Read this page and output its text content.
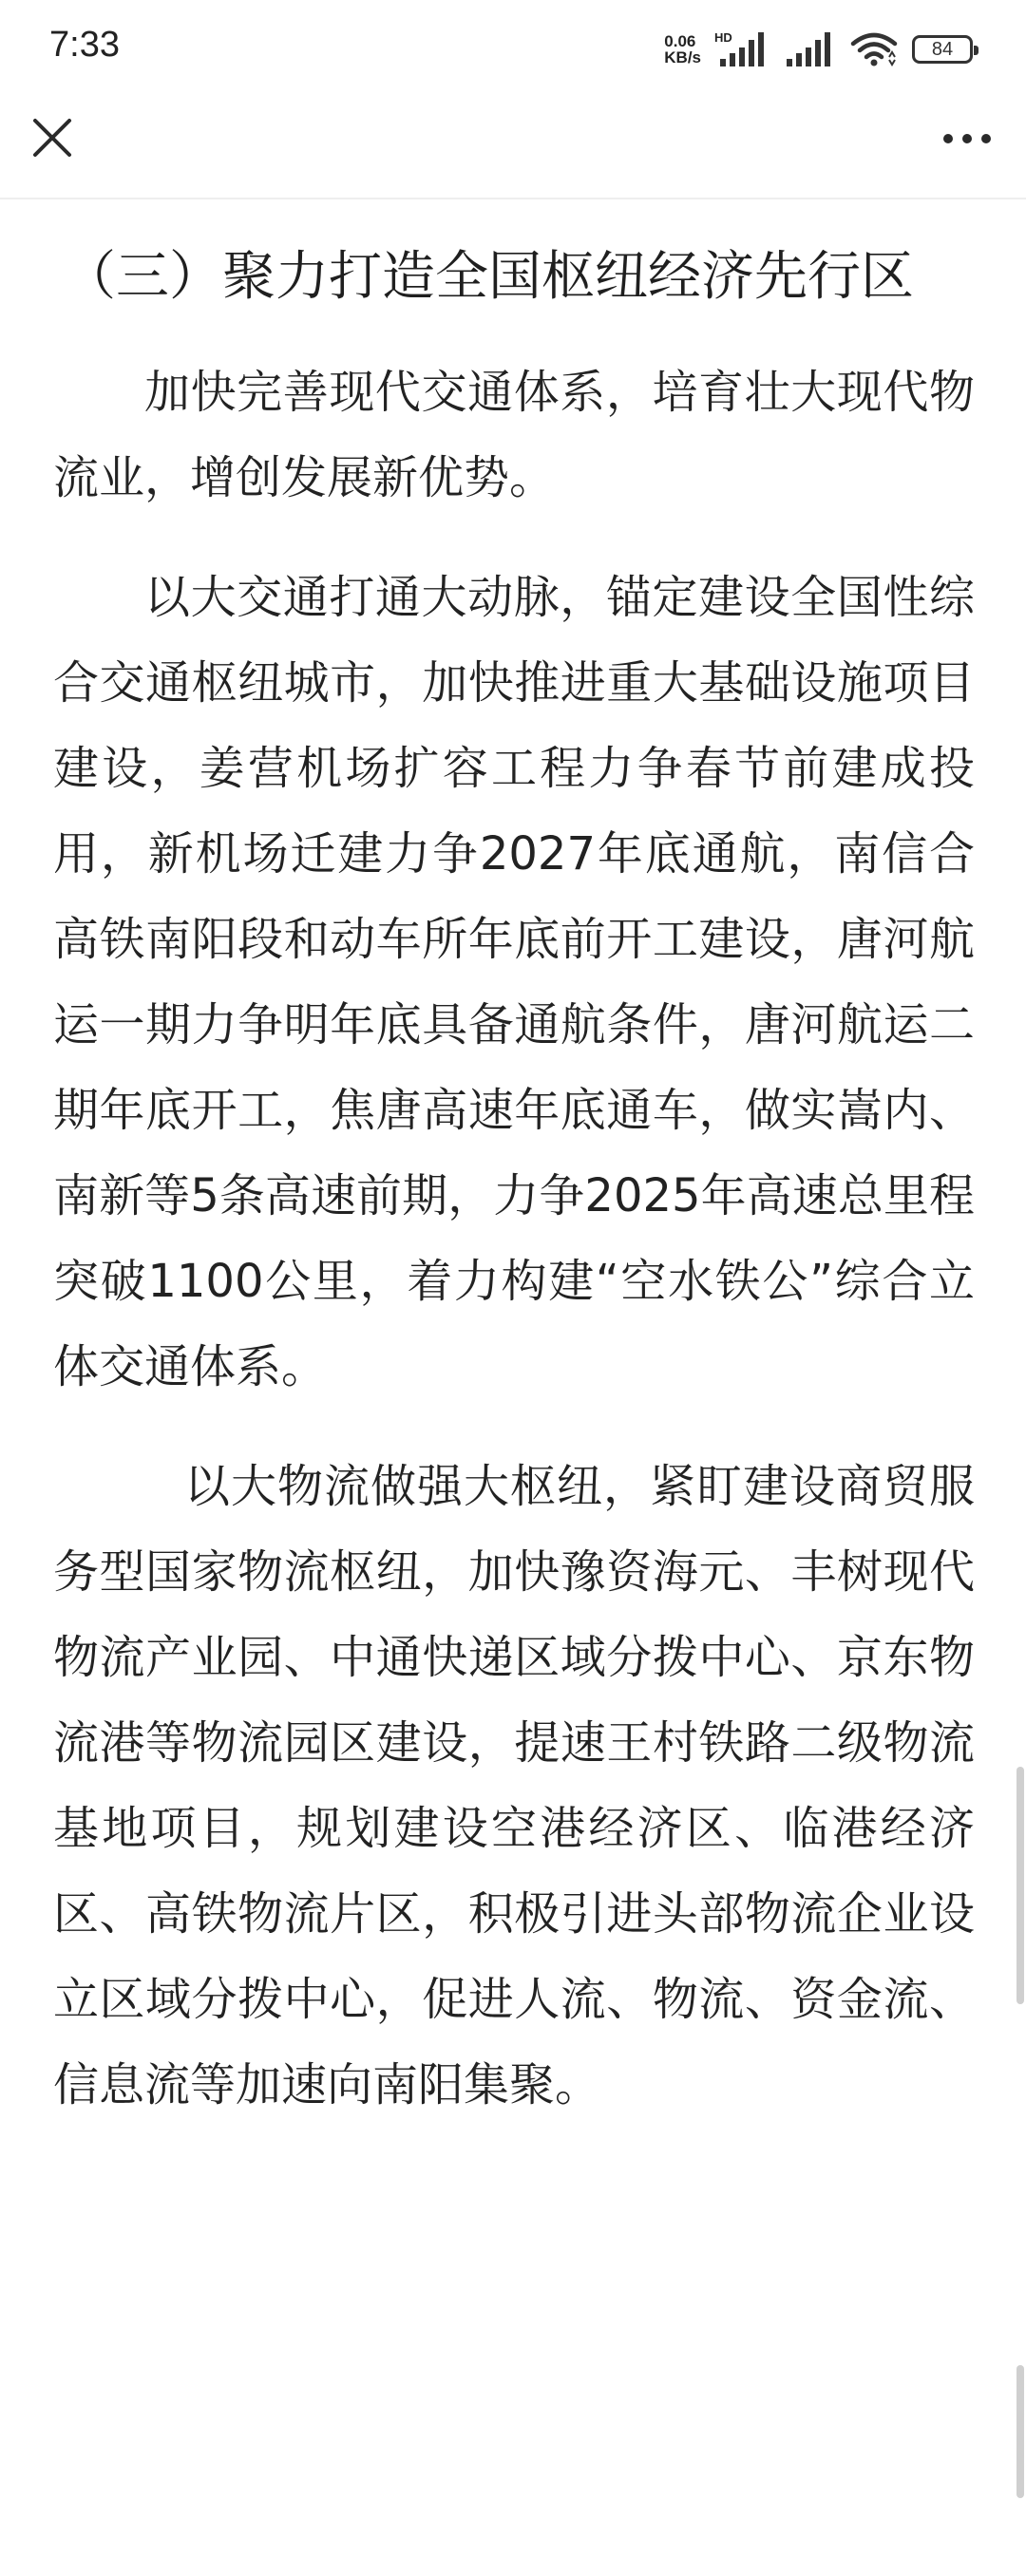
7:33	0.06
KB/s
HD
84
（三）聚力打造全国枢纽经济先行区

加快完善现代交通体系，培育壮大现代物流业，增创发展新优势。

以大交通打通大动脉，锚定建设全国性综合交通枢纽城市，加快推进重大基础设施项目建设，姜营机场扩容工程力争春节前建成投用，新机场迁建力争2027年底通航，南信合高铁南阳段和动车所年底前开工建设，唐河航运一期力争明年底具备通航条件，唐河航运二期年底开工，焦唐高速年底通车，做实嵩内、南新等5条高速前期，力争2025年高速总里程突破1100公里，着力构建“空水铁公”综合立体交通体系。

以大物流做强大枢纽，紧盯建设商贸服务型国家物流枢纽，加快豫资海元、丰树现代物流产业园、中通快递区域分拨中心、京东物流港等物流园区建设，提速王村铁路二级物流基地项目，规划建设空港经济区、临港经济区、高铁物流片区，积极引进头部物流企业设立区域分拨中心，促进人流、物流、资金流、信息流等加速向南阳集聚。
